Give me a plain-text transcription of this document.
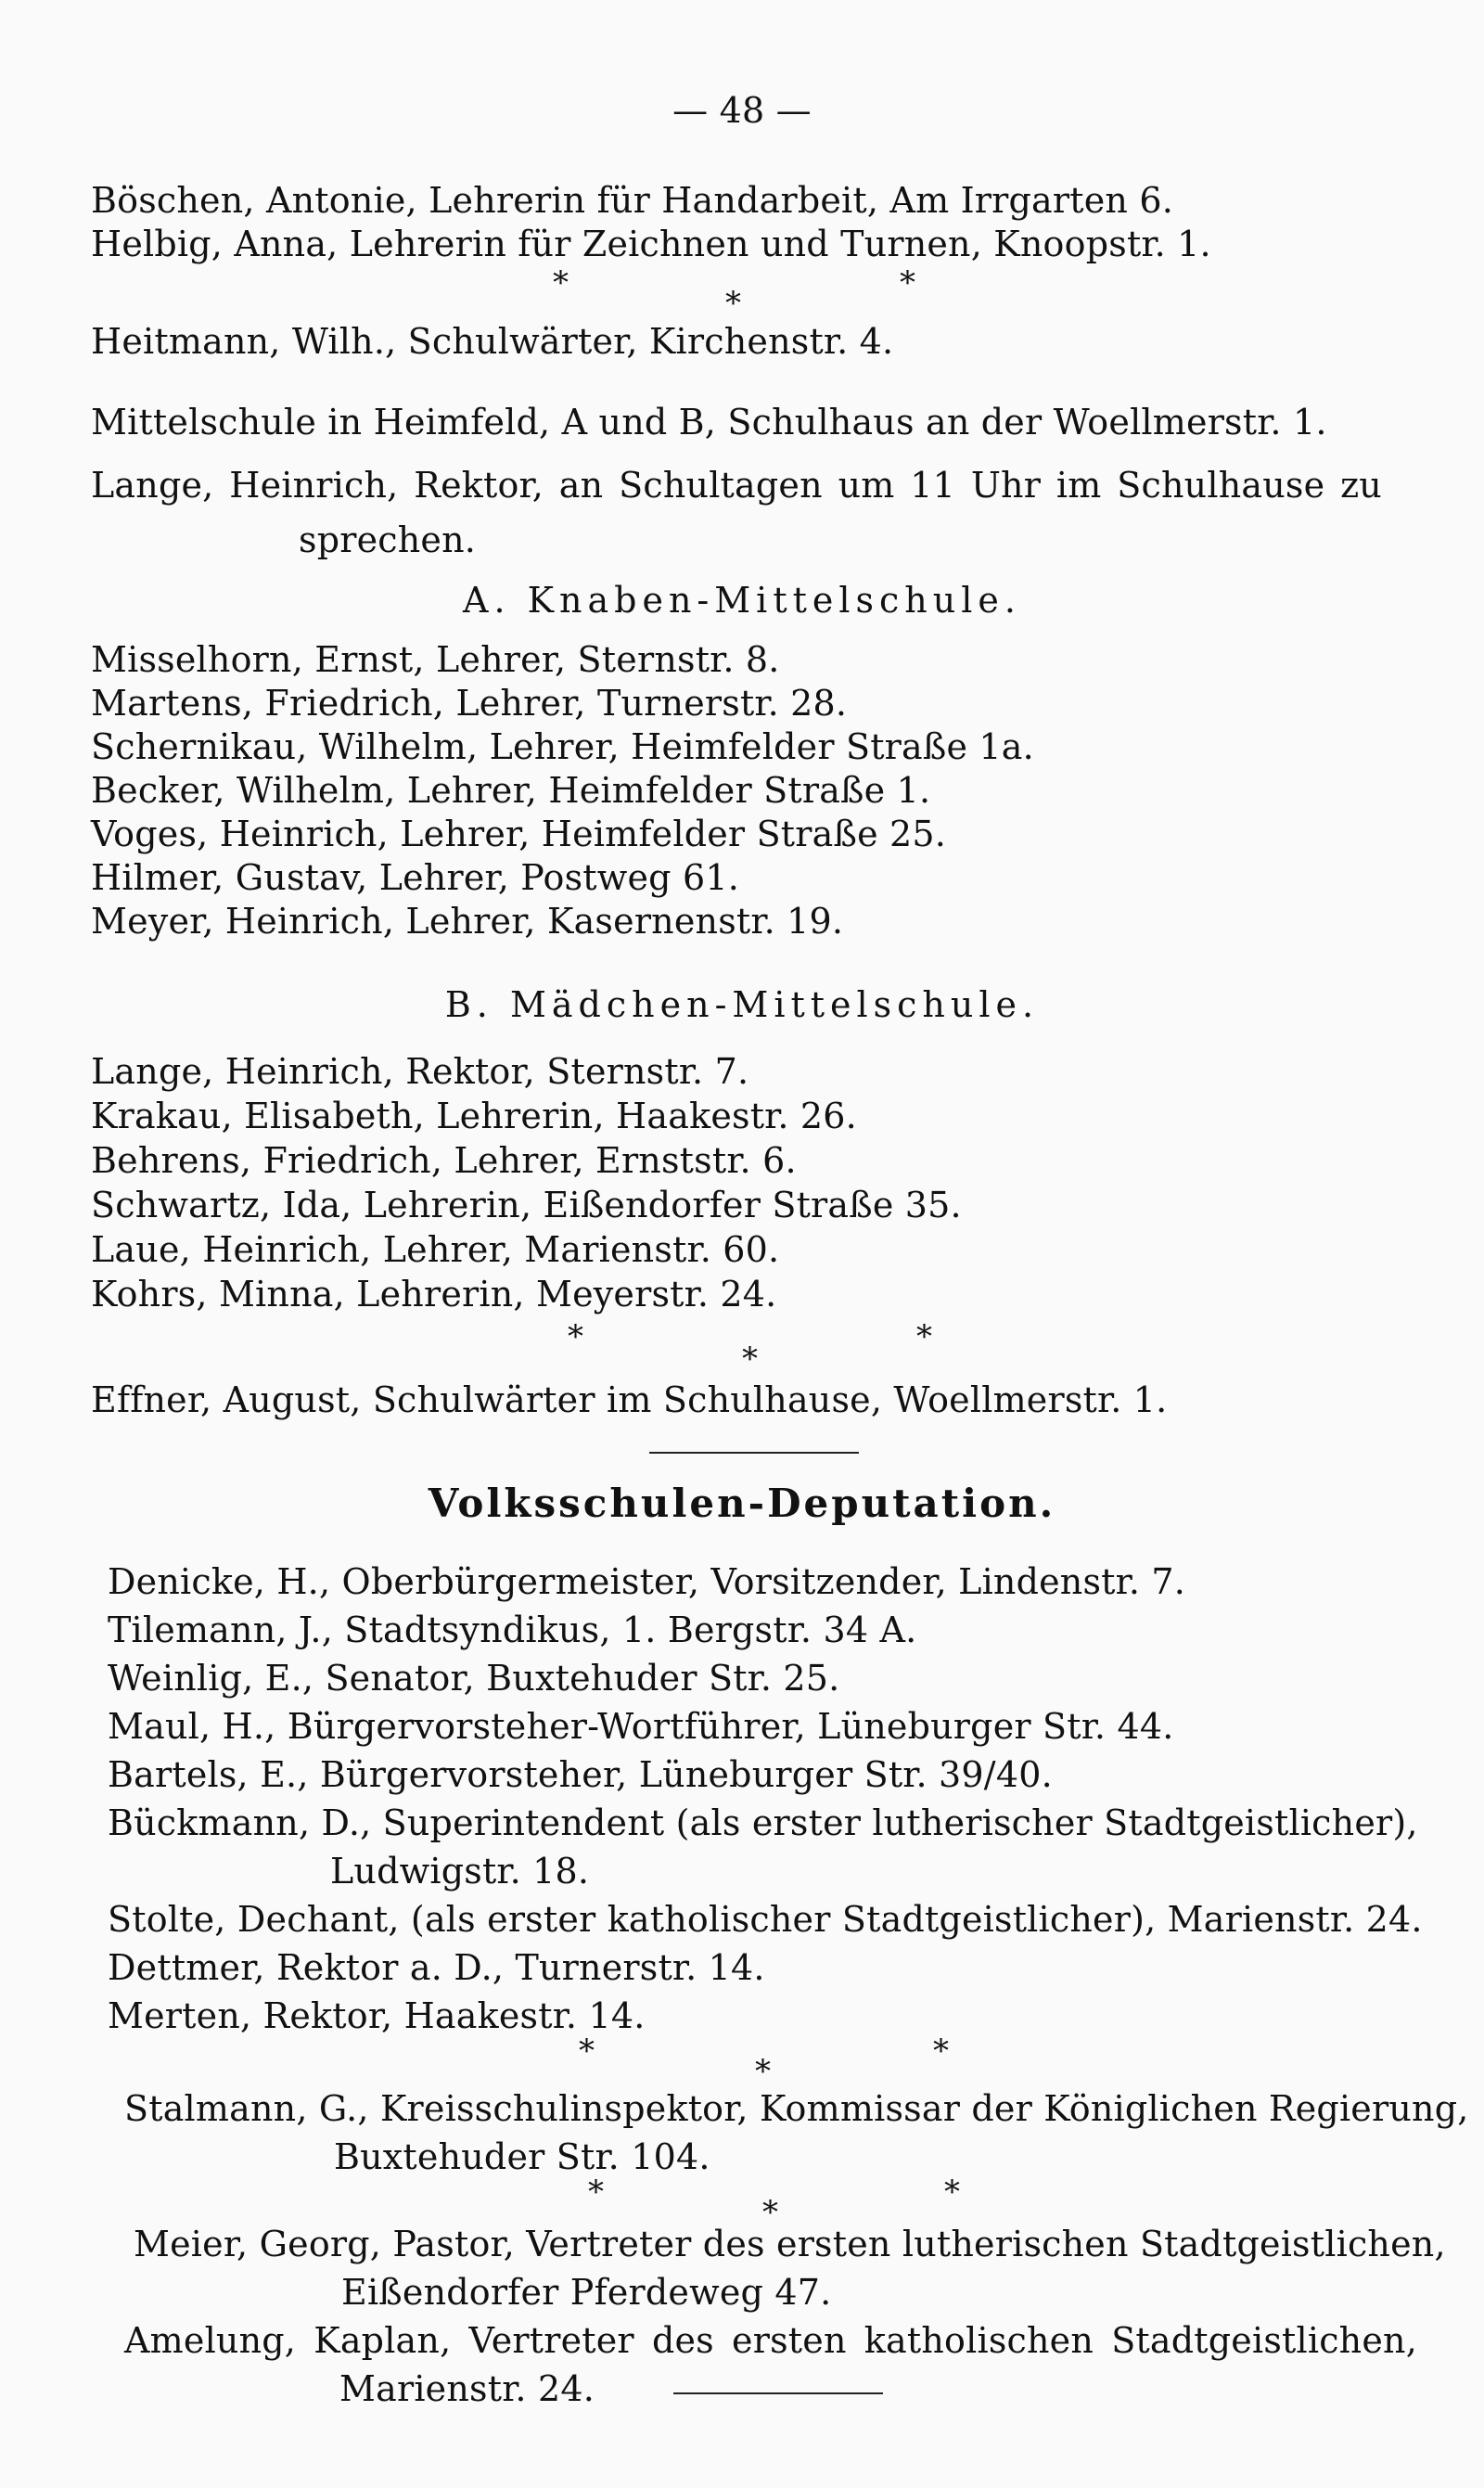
— 48 —
Böschen, Antonie, Lehrerin für Handarbeit, Am Irrgarten 6.
Helbig, Anna, Lehrerin für Zeichnen und Turnen, Knoopstr. 1.
*
*
*
Heitmann, Wilh., Schulwärter, Kirchenstr. 4.
Mittelschule in Heimfeld, A und B, Schulhaus an der Woellmerstr. 1.
Lange, Heinrich, Rektor, an Schultagen um 11 Uhr im Schulhause zu
sprechen.
A. Knaben-Mittelschule.
Misselhorn, Ernst, Lehrer, Sternstr. 8.
Martens, Friedrich, Lehrer, Turnerstr. 28.
Schernikau, Wilhelm, Lehrer, Heimfelder Straße 1a.
Becker, Wilhelm, Lehrer, Heimfelder Straße 1.
Voges, Heinrich, Lehrer, Heimfelder Straße 25.
Hilmer, Gustav, Lehrer, Postweg 61.
Meyer, Heinrich, Lehrer, Kasernenstr. 19.
B. Mädchen-Mittelschule.
Lange, Heinrich, Rektor, Sternstr. 7.
Krakau, Elisabeth, Lehrerin, Haakestr. 26.
Behrens, Friedrich, Lehrer, Ernststr. 6.
Schwartz, Ida, Lehrerin, Eißendorfer Straße 35.
Laue, Heinrich, Lehrer, Marienstr. 60.
Kohrs, Minna, Lehrerin, Meyerstr. 24.
*
*
*
Effner, August, Schulwärter im Schulhause, Woellmerstr. 1.
Volksschulen-Deputation.
Denicke, H., Oberbürgermeister, Vorsitzender, Lindenstr. 7.
Tilemann, J., Stadtsyndikus, 1. Bergstr. 34 A.
Weinlig, E., Senator, Buxtehuder Str. 25.
Maul, H., Bürgervorsteher-Wortführer, Lüneburger Str. 44.
Bartels, E., Bürgervorsteher, Lüneburger Str. 39/40.
Bückmann, D., Superintendent (als erster lutherischer Stadtgeistlicher),
Ludwigstr. 18.
Stolte, Dechant, (als erster katholischer Stadtgeistlicher), Marienstr. 24.
Dettmer, Rektor a. D., Turnerstr. 14.
Merten, Rektor, Haakestr. 14.
*
*
*
Stalmann, G., Kreisschulinspektor, Kommissar der Königlichen Regierung,
Buxtehuder Str. 104.
*
*
*
Meier, Georg, Pastor, Vertreter des ersten lutherischen Stadtgeistlichen,
Eißendorfer Pferdeweg 47.
Amelung, Kaplan, Vertreter des ersten katholischen Stadtgeistlichen,
Marienstr. 24.
